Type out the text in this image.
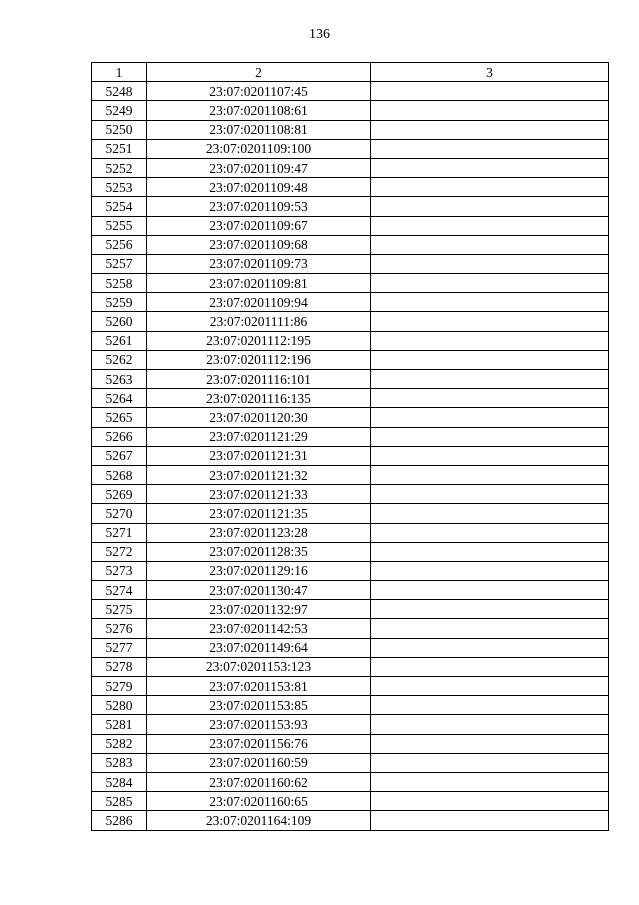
136
1	2	3
5248	23:07:0201107:45	
5249	23:07:0201108:61	
5250	23:07:0201108:81	
5251	23:07:0201109:100	
5252	23:07:0201109:47	
5253	23:07:0201109:48	
5254	23:07:0201109:53	
5255	23:07:0201109:67	
5256	23:07:0201109:68	
5257	23:07:0201109:73	
5258	23:07:0201109:81	
5259	23:07:0201109:94	
5260	23:07:0201111:86	
5261	23:07:0201112:195	
5262	23:07:0201112:196	
5263	23:07:0201116:101	
5264	23:07:0201116:135	
5265	23:07:0201120:30	
5266	23:07:0201121:29	
5267	23:07:0201121:31	
5268	23:07:0201121:32	
5269	23:07:0201121:33	
5270	23:07:0201121:35	
5271	23:07:0201123:28	
5272	23:07:0201128:35	
5273	23:07:0201129:16	
5274	23:07:0201130:47	
5275	23:07:0201132:97	
5276	23:07:0201142:53	
5277	23:07:0201149:64	
5278	23:07:0201153:123	
5279	23:07:0201153:81	
5280	23:07:0201153:85	
5281	23:07:0201153:93	
5282	23:07:0201156:76	
5283	23:07:0201160:59	
5284	23:07:0201160:62	
5285	23:07:0201160:65	
5286	23:07:0201164:109	
